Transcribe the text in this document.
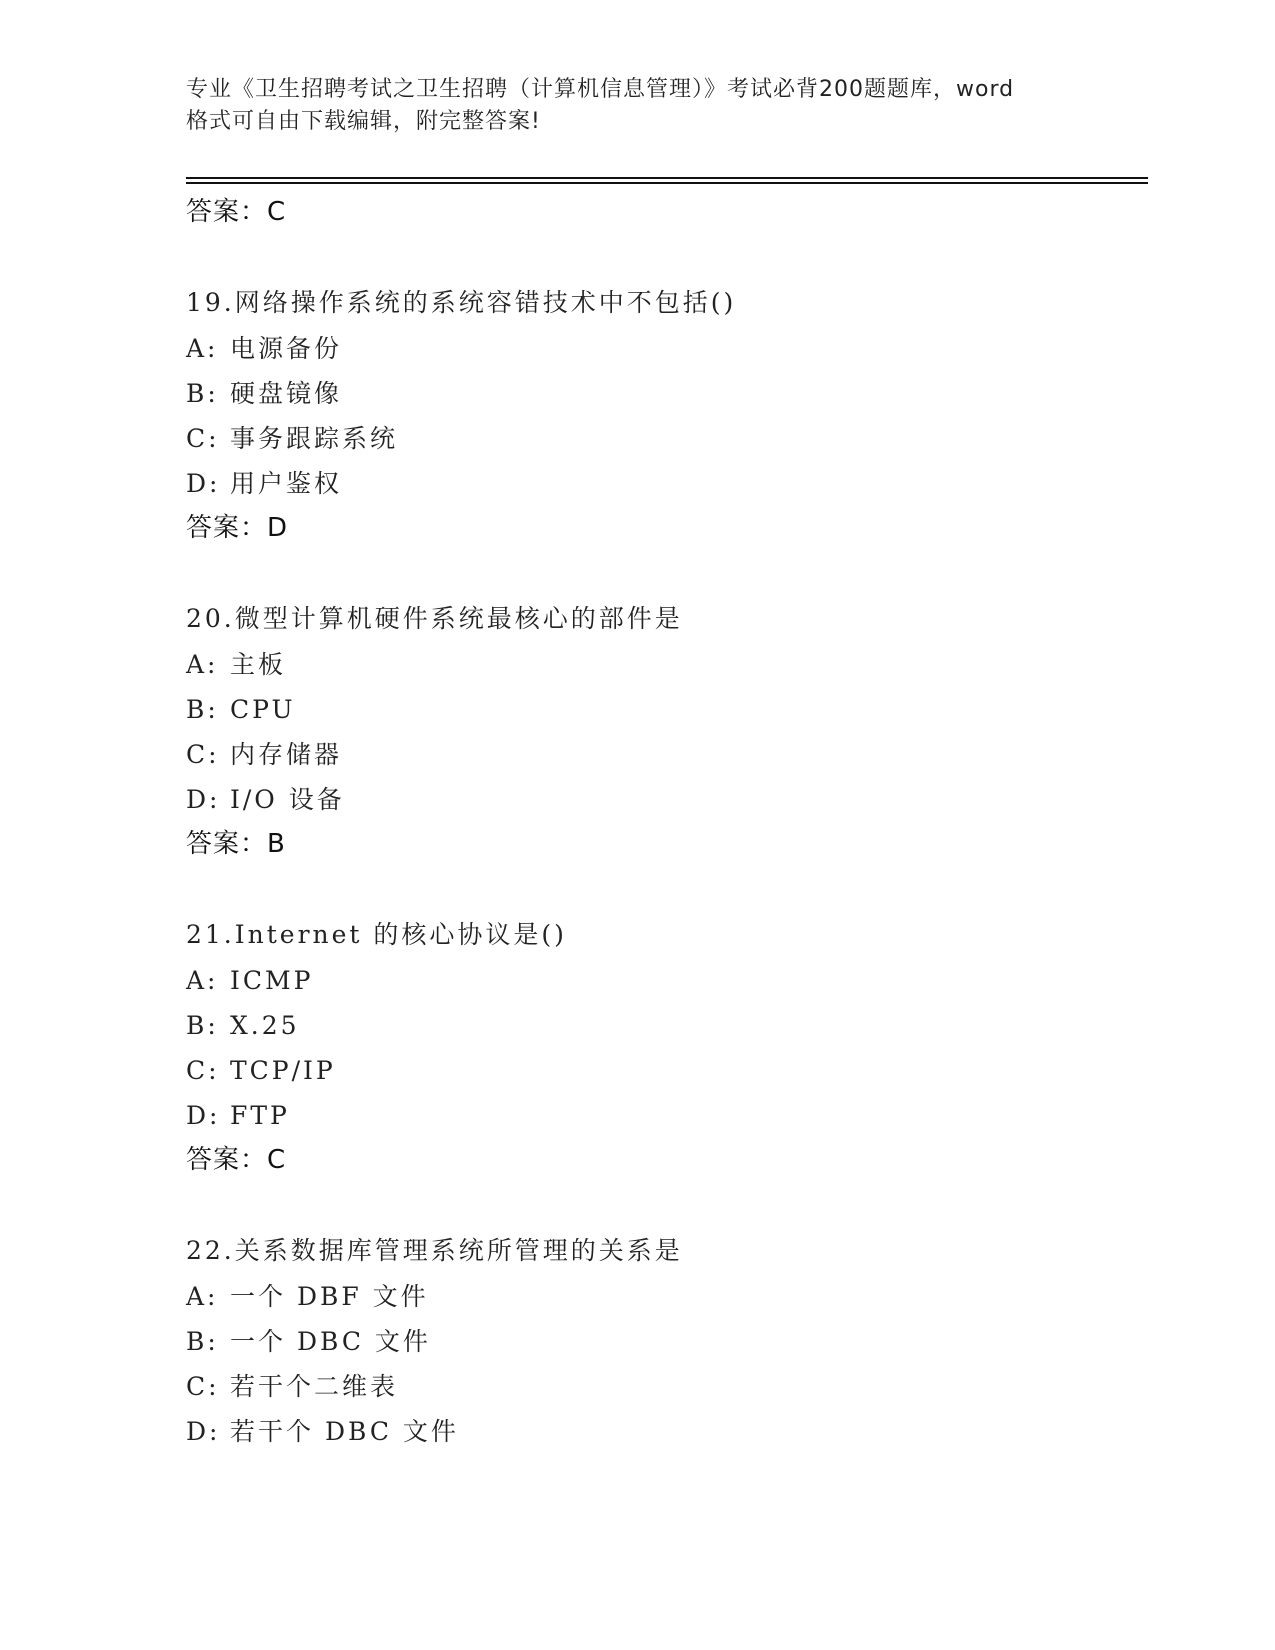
专业《卫生招聘考试之卫生招聘（计算机信息管理）》考试必背200题题库，word
格式可自由下载编辑，附完整答案!
答案：C
19.网络操作系统的系统容错技术中不包括()
A: 电源备份
B: 硬盘镜像
C: 事务跟踪系统
D: 用户鉴权
答案：D
20.微型计算机硬件系统最核心的部件是
A: 主板
B: CPU
C: 内存储器
D: I/O 设备
答案：B
21.Internet 的核心协议是()
A: ICMP
B: X.25
C: TCP/IP
D: FTP
答案：C
22.关系数据库管理系统所管理的关系是
A: 一个 DBF 文件
B: 一个 DBC 文件
C: 若干个二维表
D: 若干个 DBC 文件
